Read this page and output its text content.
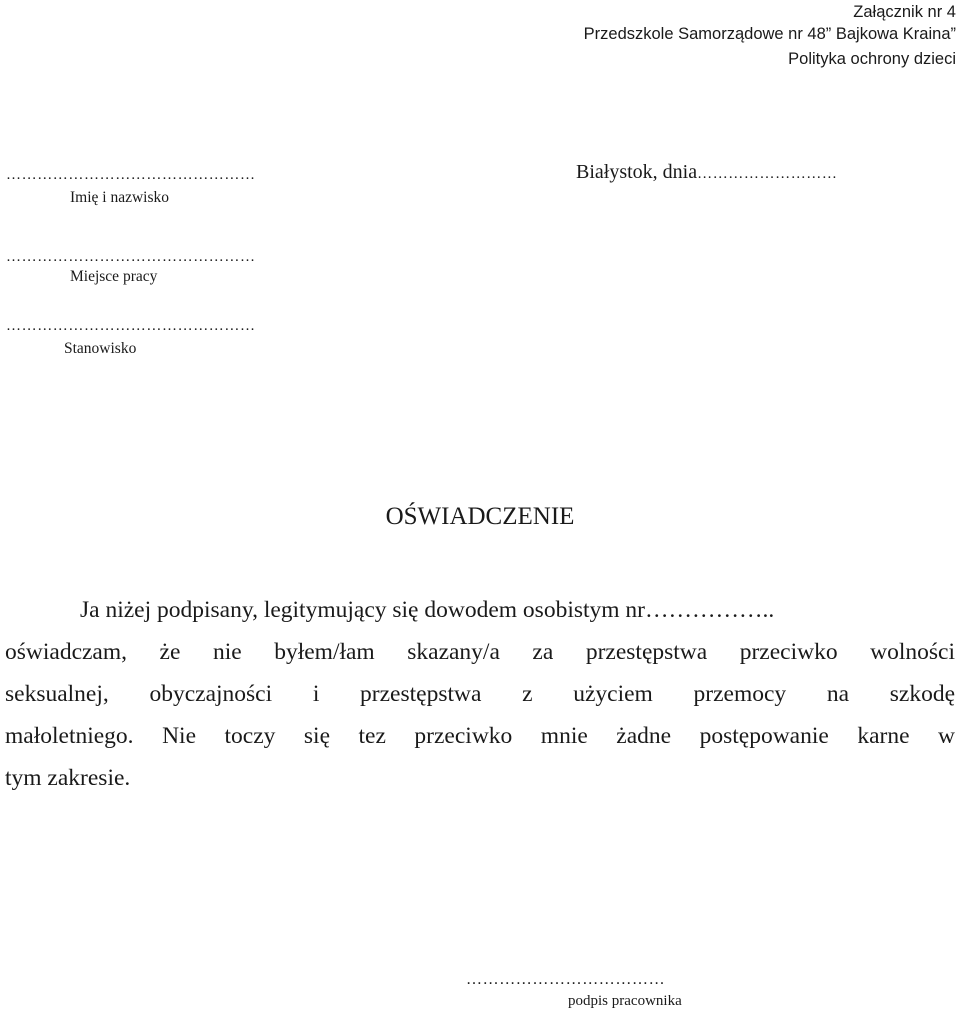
Załącznik nr 4
Przedszkole Samorządowe nr 48” Bajkowa Kraina”
Polityka ochrony dzieci
…………………………………………
Imię i nazwisko
Białystok, dnia………………………
…………………………………………
Miejsce pracy
…………………………………………
Stanowisko
OŚWIADCZENIE
Ja niżej podpisany, legitymujący się dowodem osobistym nr……………..
oświadczam, że nie byłem/łam skazany/a za przestępstwa przeciwko wolności
seksualnej, obyczajności i przestępstwa z użyciem przemocy na szkodę
małoletniego. Nie toczy się tez przeciwko mnie żadne postępowanie karne w
tym zakresie.
………………………………
podpis pracownika
